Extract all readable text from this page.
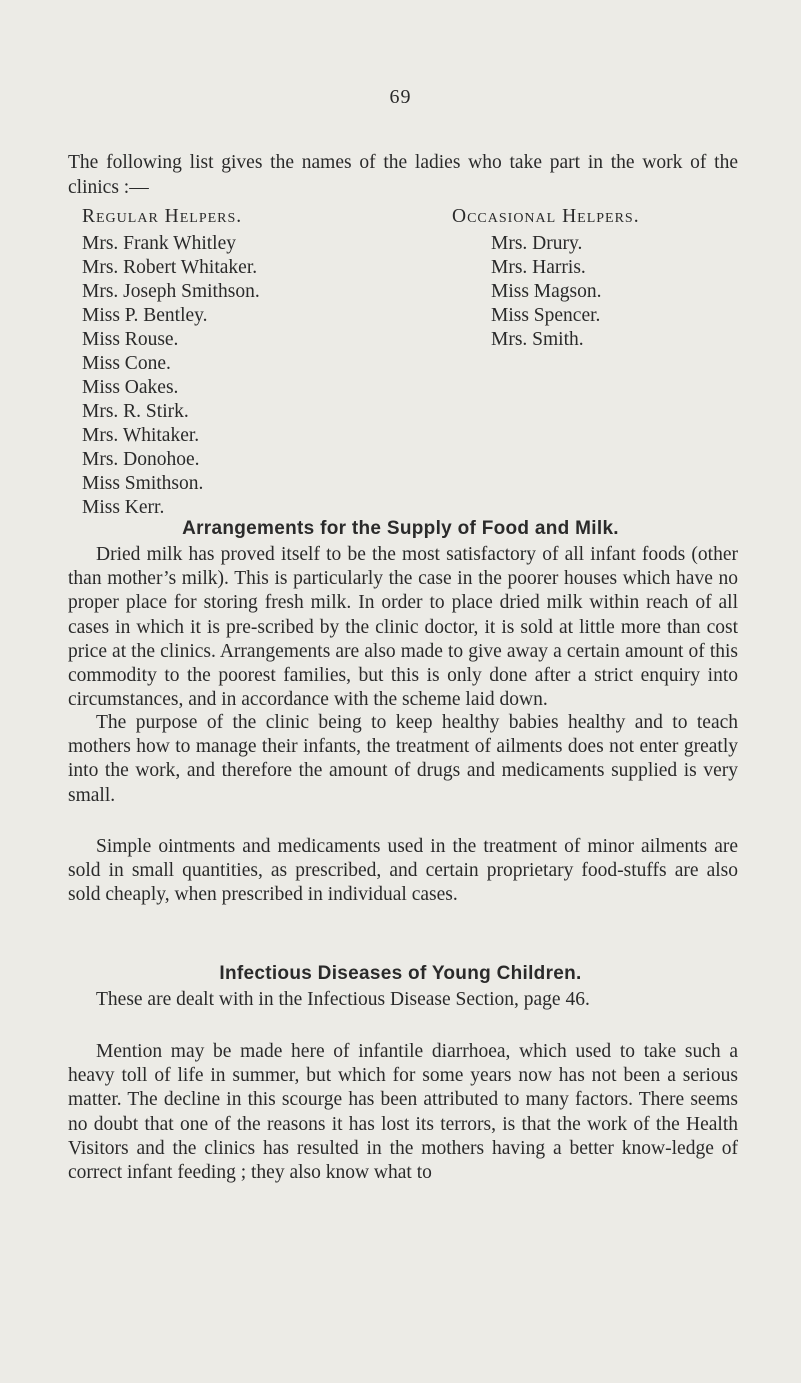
69
The following list gives the names of the ladies who take part in the work of the clinics :—
Regular Helpers.	Occasional Helpers.
Mrs. Frank Whitley
Mrs. Robert Whitaker.
Mrs. Joseph Smithson.
Miss P. Bentley.
Miss Rouse.
Miss Cone.
Miss Oakes.
Mrs. R. Stirk.
Mrs. Whitaker.
Mrs. Donohoe.
Miss Smithson.
Miss Kerr.
Mrs. Drury.
Mrs. Harris.
Miss Magson.
Miss Spencer.
Mrs. Smith.
Arrangements for the Supply of Food and Milk.

Dried milk has proved itself to be the most satisfactory of all infant foods (other than mother’s milk). This is particularly the case in the poorer houses which have no proper place for storing fresh milk. In order to place dried milk within reach of all cases in which it is pre-scribed by the clinic doctor, it is sold at little more than cost price at the clinics. Arrangements are also made to give away a certain amount of this commodity to the poorest families, but this is only done after a strict enquiry into circumstances, and in accordance with the scheme laid down.

The purpose of the clinic being to keep healthy babies healthy and to teach mothers how to manage their infants, the treatment of ailments does not enter greatly into the work, and therefore the amount of drugs and medicaments supplied is very small.

Simple ointments and medicaments used in the treatment of minor ailments are sold in small quantities, as prescribed, and certain proprietary food-stuffs are also sold cheaply, when prescribed in individual cases.

Infectious Diseases of Young Children.

These are dealt with in the Infectious Disease Section, page 46.

Mention may be made here of infantile diarrhoea, which used to take such a heavy toll of life in summer, but which for some years now has not been a serious matter. The decline in this scourge has been attributed to many factors. There seems no doubt that one of the reasons it has lost its terrors, is that the work of the Health Visitors and the clinics has resulted in the mothers having a better know-ledge of correct infant feeding ; they also know what to
